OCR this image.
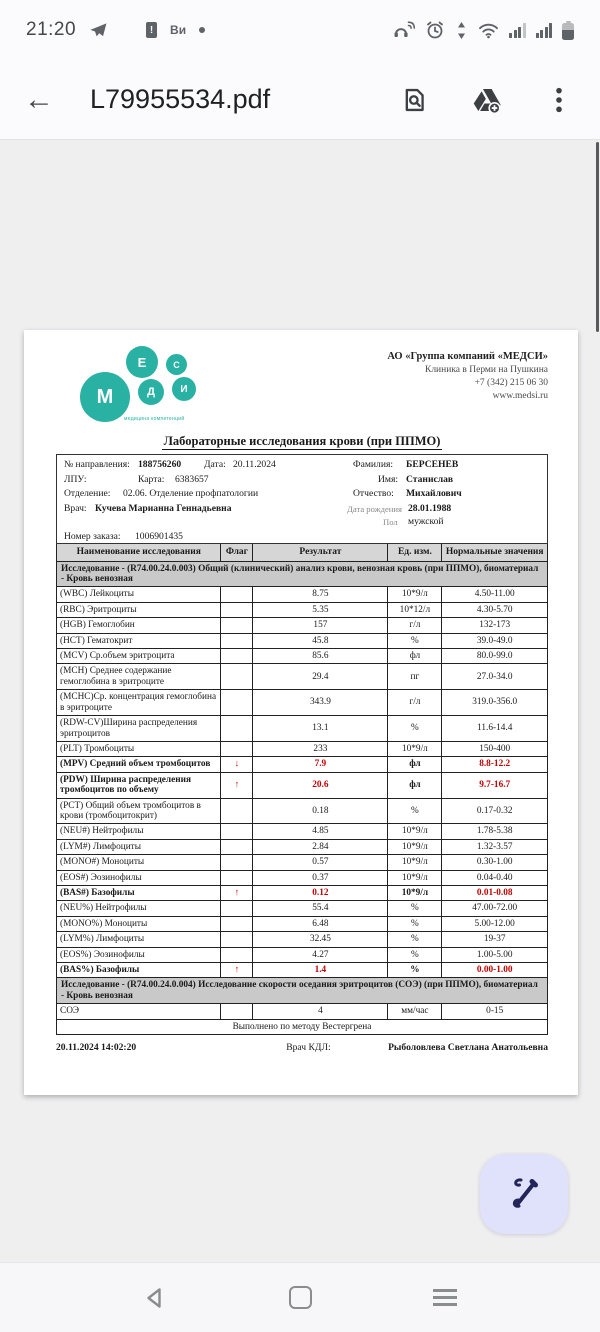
21:20	!	Ви
←	L79955534.pdf
М
Е
Д
С
И
медицина компетенций
АО «Группа компаний «МЕДСИ»
Клиника в Перми на Пушкина
+7 (342) 215 06 30
www.medsi.ru
Лабораторные исследования крови (при ППМО)
№ направления: 188756260 Дата: 20.11.2024	Фамилия: БЕРСЕНЕВ
ЛПУ:	Карта: 6383657	Имя: Станислав
Отделение: 02.06. Отделение профпатологии	Отчество: Михайлович
Врач: Кучева Марианна Геннадьевна	Дата рождения 28.01.1988
Пол мужской
Номер заказа: 1006901435
Наименование исследования	Флаг	Результат	Ед. изм.	Нормальные значения
Исследование - (R74.00.24.0.003) Общий (клинический) анализ крови, венозная кровь (при ППМО), биоматериал - Кровь венозная				
(WBC) Лейкоциты		8.75	10*9/л	4.50-11.00
(RBC) Эритроциты		5.35	10*12/л	4.30-5.70
(HGB) Гемоглобин		157	г/л	132-173
(HCT) Гематокрит		45.8	%	39.0-49.0
(MCV) Ср.объем эритроцита		85.6	фл	80.0-99.0
(MCH) Среднее содержание гемоглобина в эритроците		29.4	пг	27.0-34.0
(MCHC)Ср. концентрация гемоглобина в эритроците		343.9	г/л	319.0-356.0
(RDW-CV)Ширина распределения эритроцитов		13.1	%	11.6-14.4
(PLT) Тромбоциты		233	10*9/л	150-400
(MPV) Средний объем тромбоцитов	↓	7.9	фл	8.8-12.2
(PDW) Ширина распределения тромбоцитов по объему	↑	20.6	фл	9.7-16.7
(PCT) Общий объем тромбоцитов в крови (тромбоцитокрит)		0.18	%	0.17-0.32
(NEU#) Нейтрофилы		4.85	10*9/л	1.78-5.38
(LYM#) Лимфоциты		2.84	10*9/л	1.32-3.57
(MONO#) Моноциты		0.57	10*9/л	0.30-1.00
(EOS#) Эозинофилы		0.37	10*9/л	0.04-0.40
(BAS#) Базофилы	↑	0.12	10*9/л	0.01-0.08
(NEU%) Нейтрофилы		55.4	%	47.00-72.00
(MONO%) Моноциты		6.48	%	5.00-12.00
(LYM%) Лимфоциты		32.45	%	19-37
(EOS%) Эозинофилы		4.27	%	1.00-5.00
(BAS%) Базофилы	↑	1.4	%	0.00-1.00
Исследование - (R74.00.24.0.004) Исследование скорости оседания эритроцитов (СОЭ) (при ППМО), биоматериал - Кровь венозная				
СОЭ		4	мм/час	0-15
Выполнено по методу Вестергрена				
20.11.2024 14:02:20	Врач КДЛ:	Рыболовлева Светлана Анатольевна
